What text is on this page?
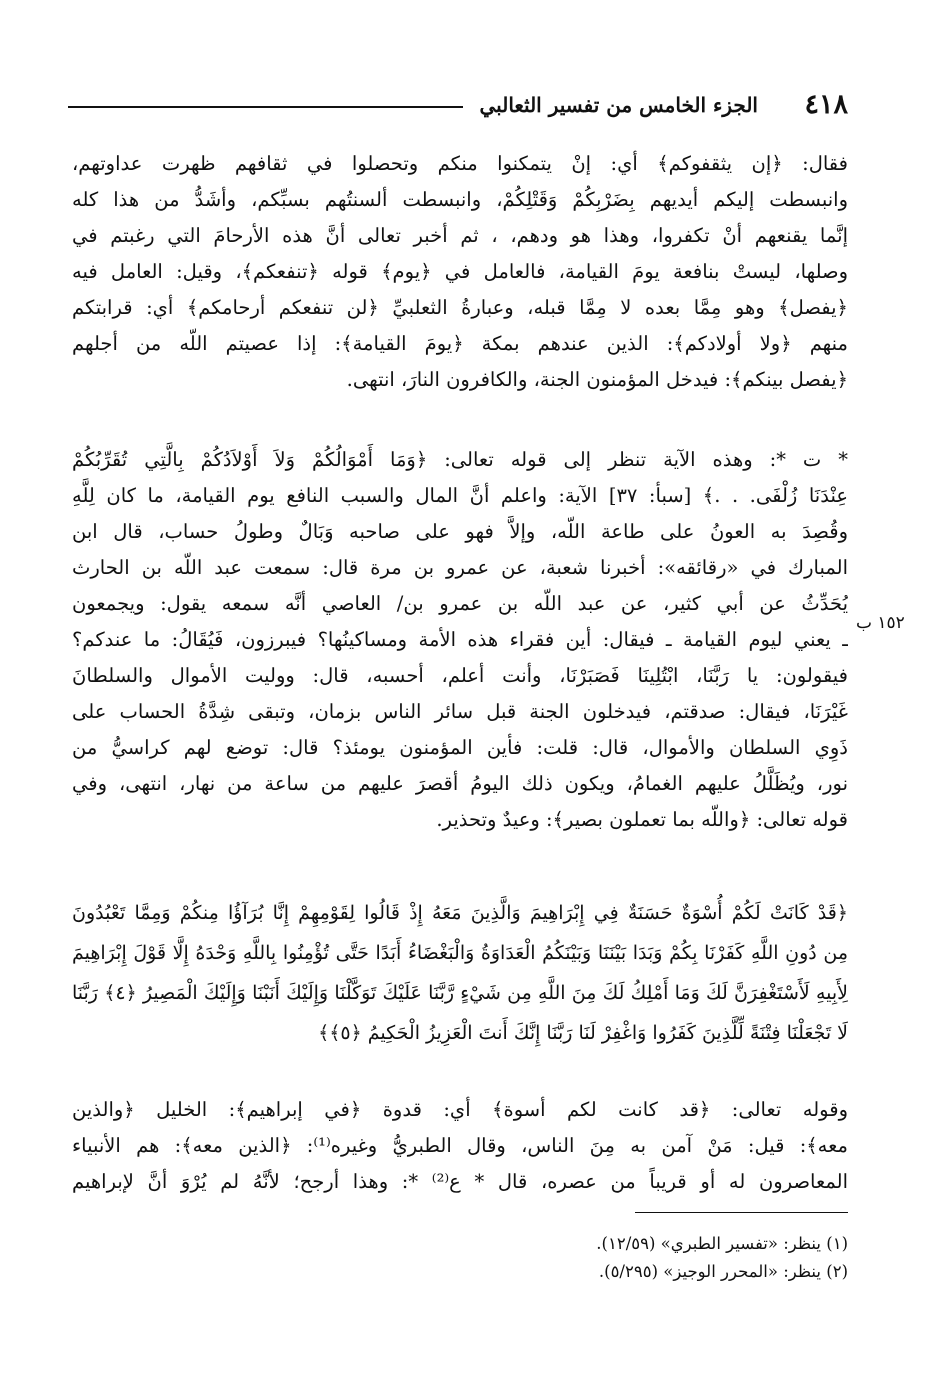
٤١٨
الجزء الخامس من تفسير الثعالبي
فقال: ﴿إن يثقفوكم﴾ أي: إنْ يتمكنوا منكم وتحصلوا في ثقافهم ظهرت عداوتهم،
وانبسطت إليكم أيديهم بِضَرْبِكُمْ وَقَتْلِكُمْ، وانبسطت ألسنتُهم بسبِّكم، وأشَدُّ من هذا كله
إنَّما يقنعهم أنْ تكفروا، وهذا هو ودهم، ، ثم أخبر تعالى أنَّ هذه الأرحامَ التي رغبتم في
وصلها، ليستْ بنافعة يومَ القيامة، فالعامل في ﴿يوم﴾ قوله ﴿تنفعكم﴾، وقيل: العامل فيه
﴿يفصل﴾ وهو مِمَّا بعده لا مِمَّا قبله، وعبارةُ الثعلبيِّ ﴿لن تنفعكم أرحامكم﴾ أي: قرابتكم
منهم ﴿ولا أولادكم﴾: الذين عندهم بمكة ﴿يومَ القيامة﴾: إذا عصيتم اللّه من أجلهم
﴿يفصل بينكم﴾: فيدخل المؤمنون الجنة، والكافرون النارَ، انتهى.
* ت *: وهذه الآية تنظر إلى قوله تعالى: ﴿وَمَا أَمْوَالُكُمْ وَلاَ أَوْلاَدُكُمْ بِالَّتِي تُقَرِّبُكُمْ
عِنْدَنَا زُلْفَى. . .﴾ [سبأ: ٣٧] الآية: واعلم أنَّ المال والسبب النافع يوم القيامة، ما كان لِلَّهِ
وقُصِدَ به العونُ على طاعة اللّه، وإلاَّ فهو على صاحبه وَبَالٌ وطولُ حساب، قال ابن
المبارك في «رقائقه»: أخبرنا شعبة، عن عمرو بن مرة قال: سمعت عبد اللّه بن الحارث
يُحَدِّثُ عن أبي كثير، عن عبد اللّه بن عمرو بن/ العاصي أنَّه سمعه يقول: ويجمعون
ـ يعني ليوم القيامة ـ فيقال: أين فقراء هذه الأمة ومساكينُها؟ فيبرزون، فَيُقَالُ: ما عندكم؟
فيقولون: يا رَبَّنَا، ابْتُلِينَا فَصَبَرْنَا، وأنت أعلم، أحسبه، قال: ووليت الأموال والسلطانَ
غَيْرَنَا، فيقال: صدقتم، فيدخلون الجنة قبل سائر الناس بزمان، وتبقى شِدَّةُ الحساب على
ذَوِي السلطان والأموال، قال: قلت: فأين المؤمنون يومئذ؟ قال: توضع لهم كراسيُّ من
نور، ويُظَلَّلُ عليهم الغمامُ، ويكون ذلك اليومُ أقصرَ عليهم من ساعة من نهار، انتهى، وفي
قوله تعالى: ﴿واللّه بما تعملون بصير﴾: وعيدٌ وتحذير.
١٥٢ ب
﴿قَدْ كَانَتْ لَكُمْ أُسْوَةٌ حَسَنَةٌ فِي إِبْرَاهِيمَ وَالَّذِينَ مَعَهُ إِذْ قَالُوا لِقَوْمِهِمْ إِنَّا بُرَآؤُا مِنكُمْ وَمِمَّا تَعْبُدُونَ
مِن دُونِ اللَّهِ كَفَرْنَا بِكُمْ وَبَدَا بَيْنَنَا وَبَيْنَكُمُ الْعَدَاوَةُ وَالْبَغْضَاءُ أَبَدًا حَتَّى تُؤْمِنُوا بِاللَّهِ وَحْدَهُ إِلَّا قَوْلَ إِبْرَاهِيمَ
لِأَبِيهِ لَأَسْتَغْفِرَنَّ لَكَ وَمَا أَمْلِكُ لَكَ مِنَ اللَّهِ مِن شَيْءٍ رَّبَّنَا عَلَيْكَ تَوَكَّلْنَا وَإِلَيْكَ أَنَبْنَا وَإِلَيْكَ الْمَصِيرُ ﴿٤﴾ رَبَّنَا
لَا تَجْعَلْنَا فِتْنَةً لِّلَّذِينَ كَفَرُوا وَاغْفِرْ لَنَا رَبَّنَا إِنَّكَ أَنتَ الْعَزِيزُ الْحَكِيمُ ﴿٥﴾﴾
وقوله تعالى: ﴿قد كانت لكم أسوة﴾ أي: قدوة ﴿في إبراهيم﴾: الخليل ﴿والذين
معه﴾: قيل: مَنْ آمن به مِنَ الناس، وقال الطبريُّ وغيره⁽¹⁾: ﴿الذين معه﴾: هم الأنبياء
المعاصرون له أو قريباً من عصره، قال * ع⁽²⁾ *: وهذا أرجح؛ لأنَّهُ لم يُرْوَ أنَّ لإبراهيم
(١) ينظر: «تفسير الطبري» (١٢/٥٩).
(٢) ينظر: «المحرر الوجيز» (٥/٢٩٥).
